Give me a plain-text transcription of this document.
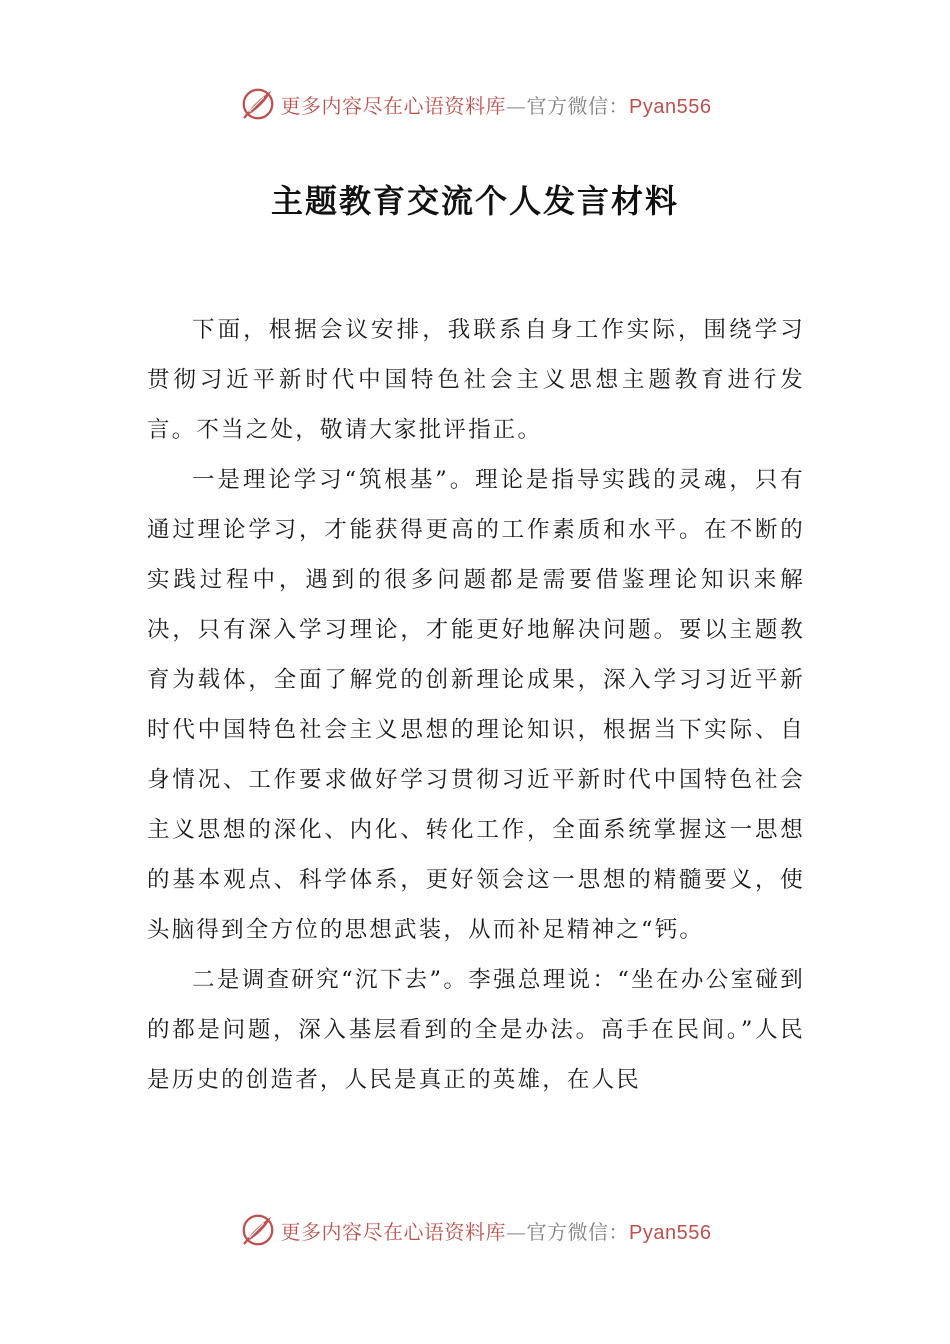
更多内容尽在心语资料库—官方微信：Pyan556
主题教育交流个人发言材料

下面，根据会议安排，我联系自身工作实际，围绕学习贯彻习近平新时代中国特色社会主义思想主题教育进行发言。不当之处，敬请大家批评指正。

一是理论学习“筑根基”。理论是指导实践的灵魂，只有通过理论学习，才能获得更高的工作素质和水平。在不断的实践过程中，遇到的很多问题都是需要借鉴理论知识来解决，只有深入学习理论，才能更好地解决问题。要以主题教育为载体，全面了解党的创新理论成果，深入学习习近平新时代中国特色社会主义思想的理论知识，根据当下实际、自身情况、工作要求做好学习贯彻习近平新时代中国特色社会主义思想的深化、内化、转化工作，全面系统掌握这一思想的基本观点、科学体系，更好领会这一思想的精髓要义，使头脑得到全方位的思想武装，从而补足精神之“钙。

二是调查研究“沉下去”。李强总理说：“坐在办公室碰到的都是问题，深入基层看到的全是办法。高手在民间。”人民是历史的创造者，人民是真正的英雄，在人民

更多内容尽在心语资料库—官方微信：Pyan556
